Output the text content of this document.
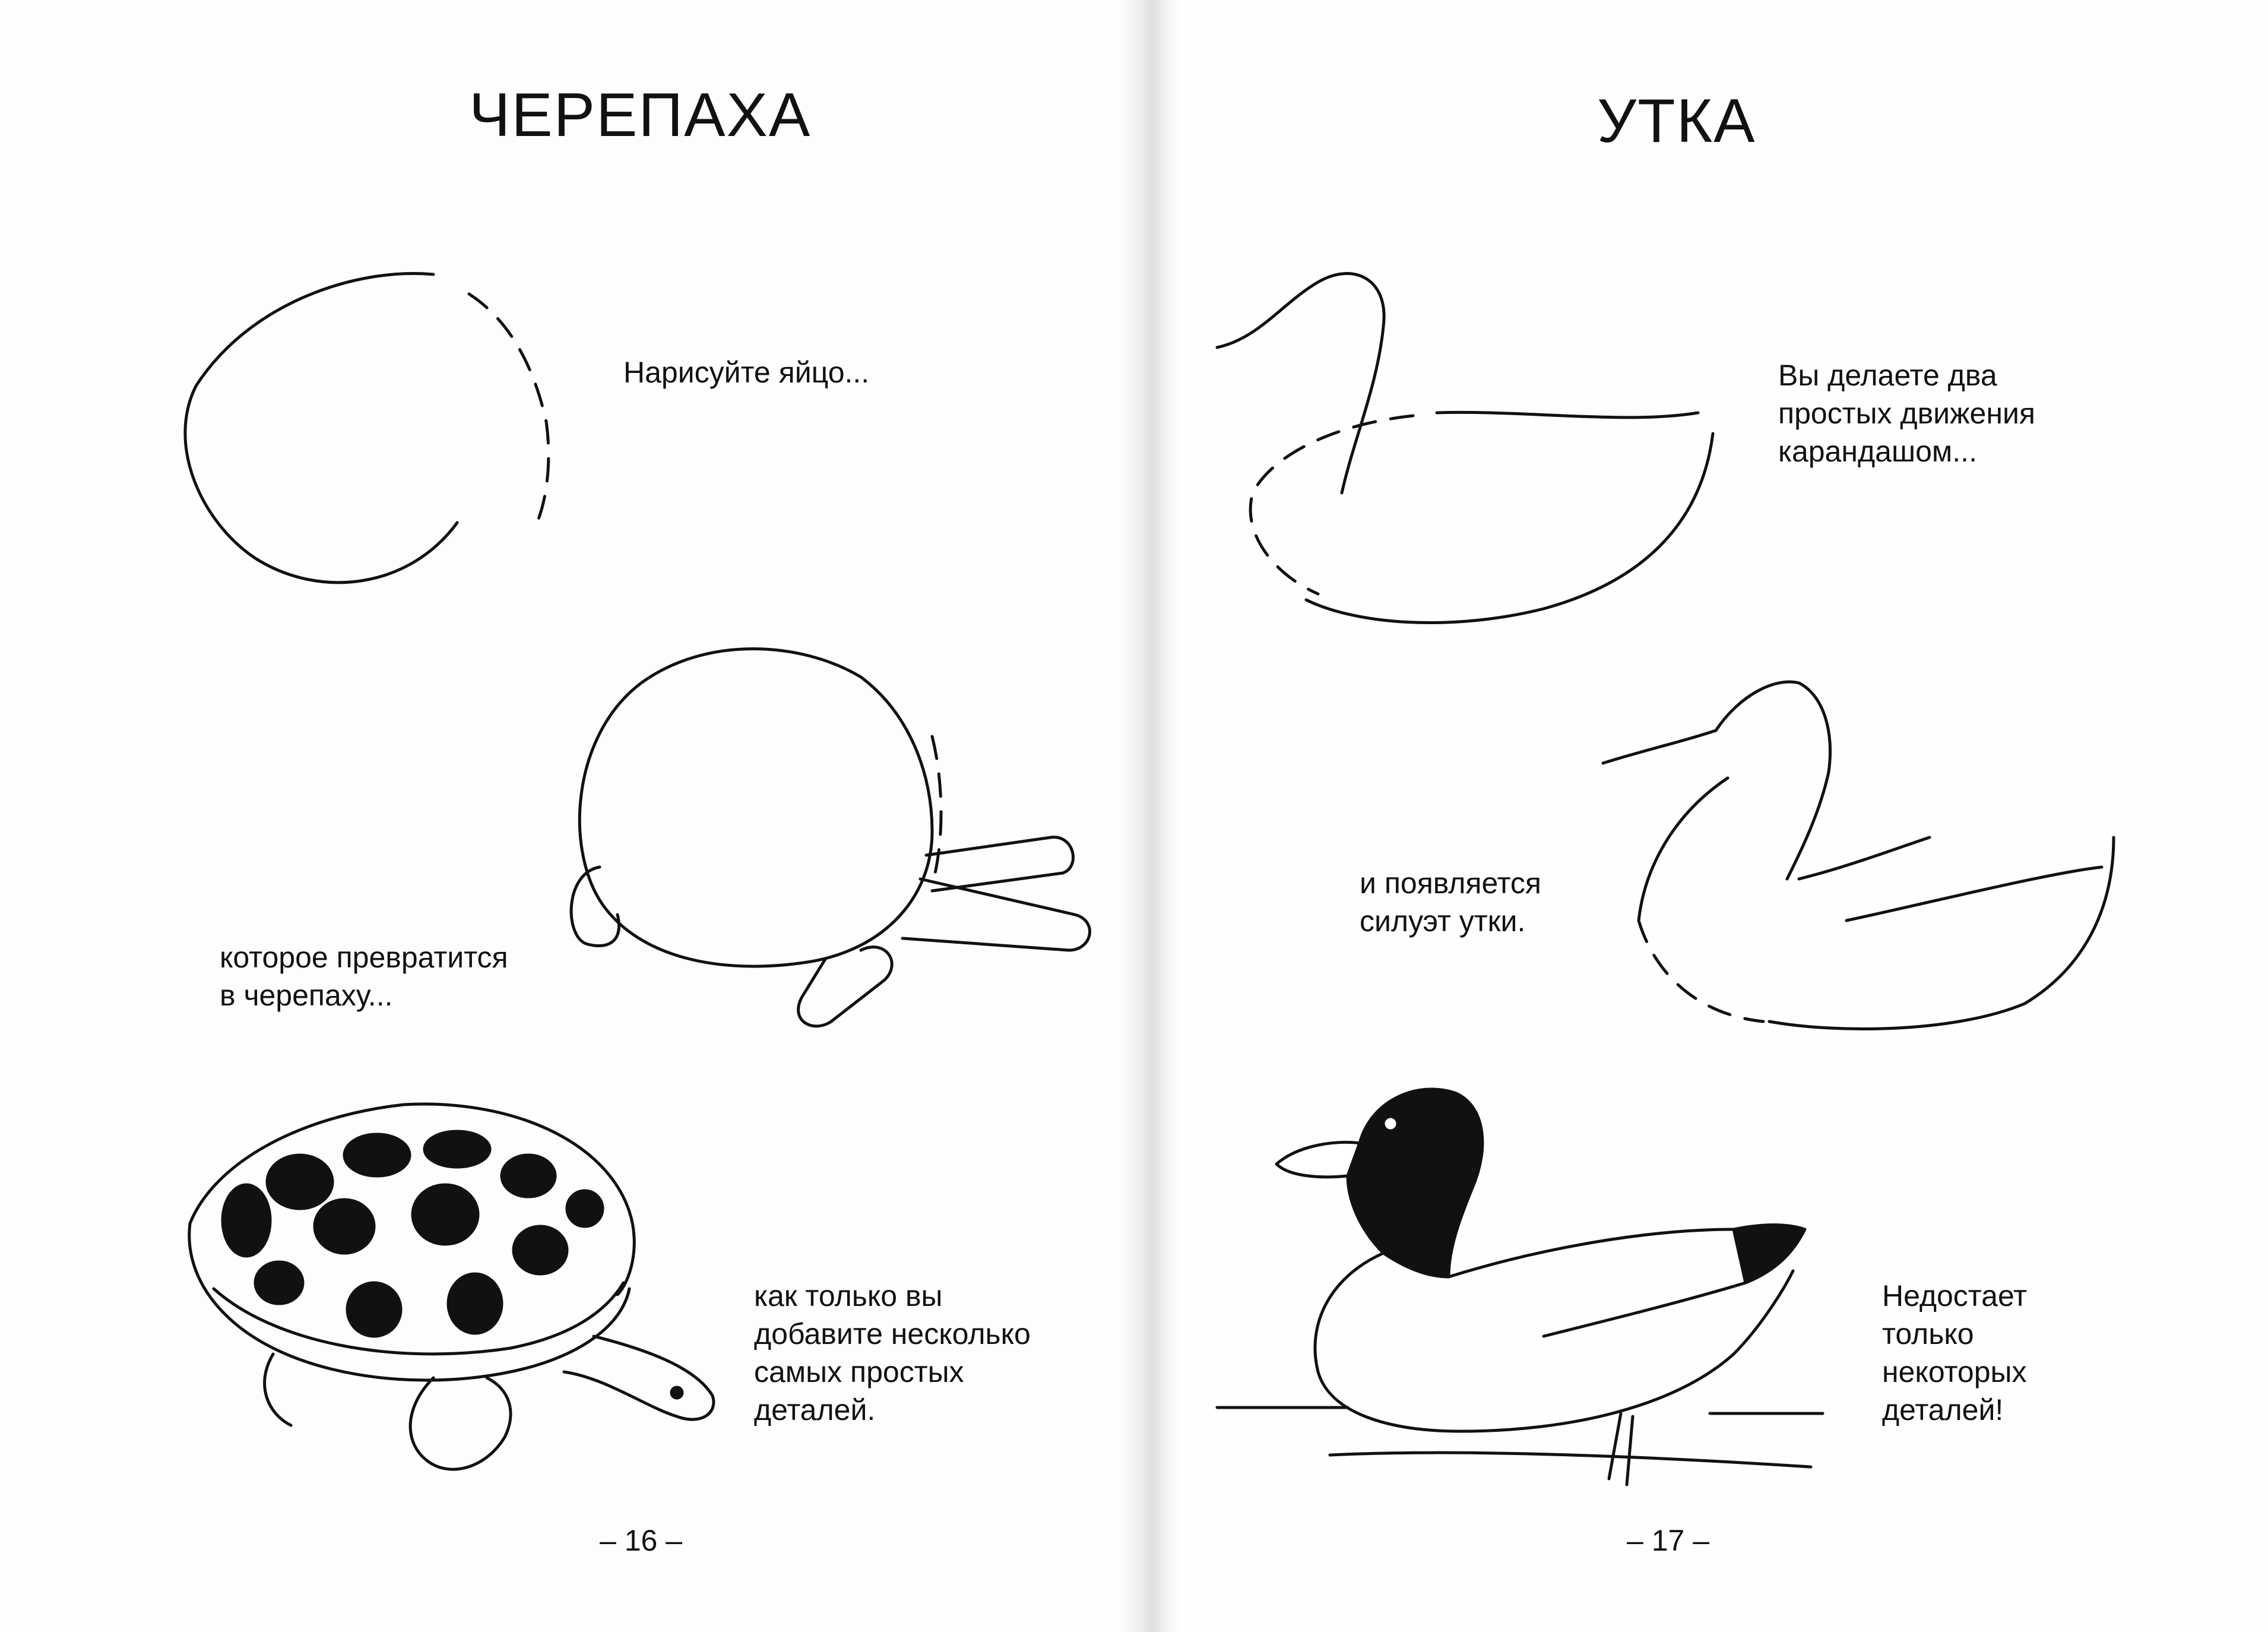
ЧЕРЕПАХА
Нарисуйте яйцо...
которое превратится
в черепаху...
как только вы
добавите несколько
самых простых
деталей.
– 16 –
УТКА
Вы делаете два
простых движения
карандашом...
и появляется
силуэт утки.
Недостает
только
некоторых
деталей!
– 17 –
